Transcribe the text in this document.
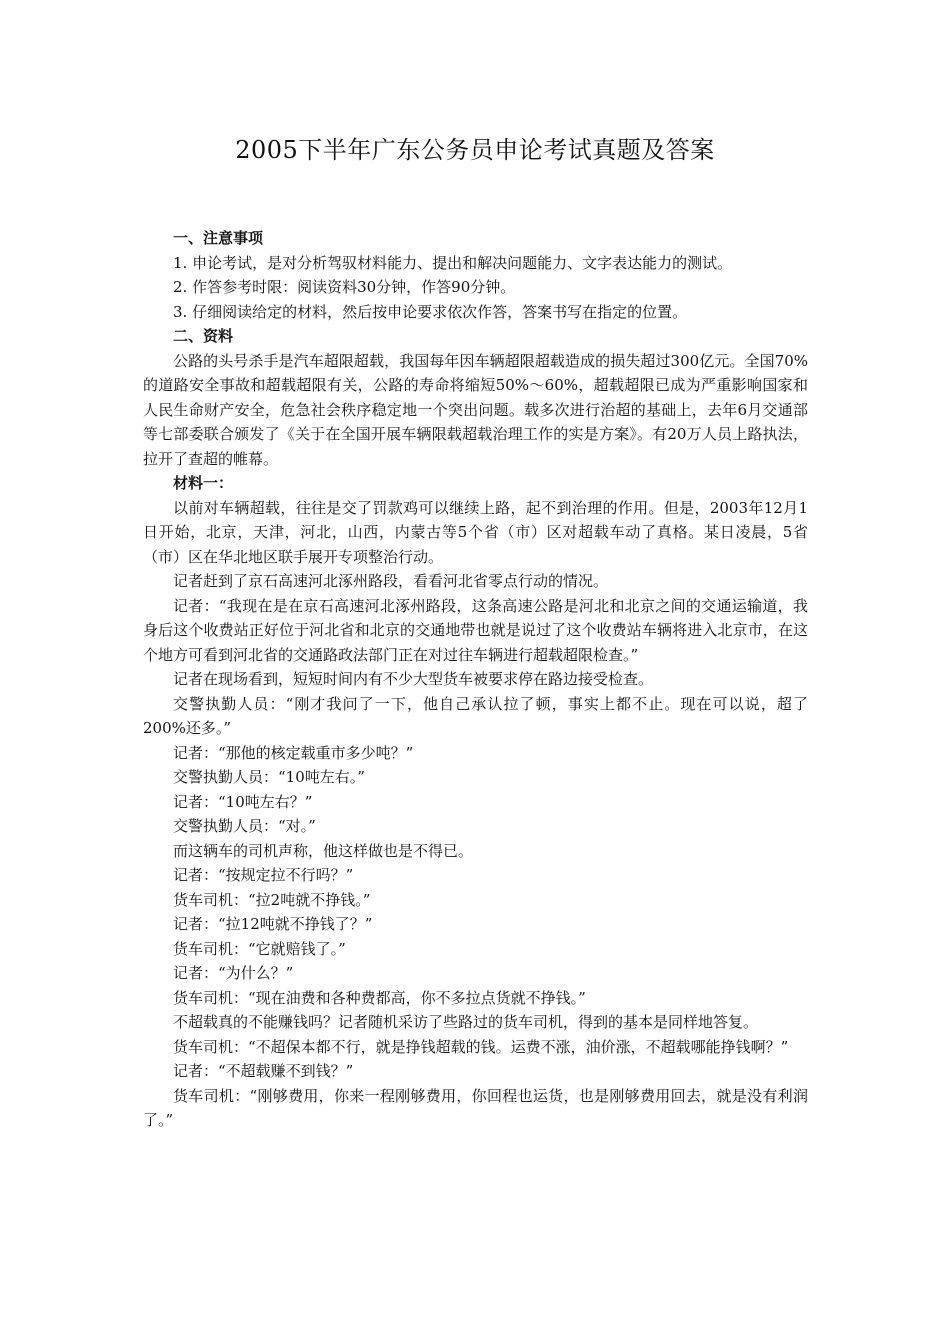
2005下半年广东公务员申论考试真题及答案

一、注意事项

1. 申论考试，是对分析驾驭材料能力、提出和解决问题能力、文字表达能力的测试。

2. 作答参考时限：阅读资料30分钟，作答90分钟。

3. 仔细阅读给定的材料，然后按申论要求依次作答，答案书写在指定的位置。

二、资料

公路的头号杀手是汽车超限超载，我国每年因车辆超限超载造成的损失超过300亿元。全国70%的道路安全事故和超载超限有关，公路的寿命将缩短50%～60%，超载超限已成为严重影响国家和人民生命财产安全，危急社会秩序稳定地一个突出问题。载多次进行治超的基础上，去年6月交通部等七部委联合颁发了《关于在全国开展车辆限载超载治理工作的实是方案》。有20万人员上路执法，拉开了查超的帷幕。

材料一：

以前对车辆超载，往往是交了罚款鸡可以继续上路，起不到治理的作用。但是，2003年12月1日开始，北京，天津，河北，山西，内蒙古等5个省（市）区对超载车动了真格。某日凌晨，5省（市）区在华北地区联手展开专项整治行动。

记者赶到了京石高速河北涿州路段，看看河北省零点行动的情况。

记者：“我现在是在京石高速河北涿州路段，这条高速公路是河北和北京之间的交通运输道，我身后这个收费站正好位于河北省和北京的交通地带也就是说过了这个收费站车辆将进入北京市，在这个地方可看到河北省的交通路政法部门正在对过往车辆进行超载超限检查。”

记者在现场看到，短短时间内有不少大型货车被要求停在路边接受检查。

交警执勤人员：“刚才我问了一下，他自己承认拉了顿，事实上都不止。现在可以说，超了200%还多。”

记者：“那他的核定载重市多少吨？”

交警执勤人员：“10吨左右。”

记者：“10吨左右？”

交警执勤人员：“对。”

而这辆车的司机声称，他这样做也是不得已。

记者：“按规定拉不行吗？”

货车司机：“拉2吨就不挣钱。”

记者：“拉12吨就不挣钱了？”

货车司机：“它就赔钱了。”

记者：“为什么？”

货车司机：“现在油费和各种费都高，你不多拉点货就不挣钱。”

不超载真的不能赚钱吗？记者随机采访了些路过的货车司机，得到的基本是同样地答复。

货车司机：“不超保本都不行，就是挣钱超载的钱。运费不涨，油价涨，不超载哪能挣钱啊？”

记者：“不超载赚不到钱？”

货车司机：“刚够费用，你来一程刚够费用，你回程也运货，也是刚够费用回去，就是没有利润了。”
